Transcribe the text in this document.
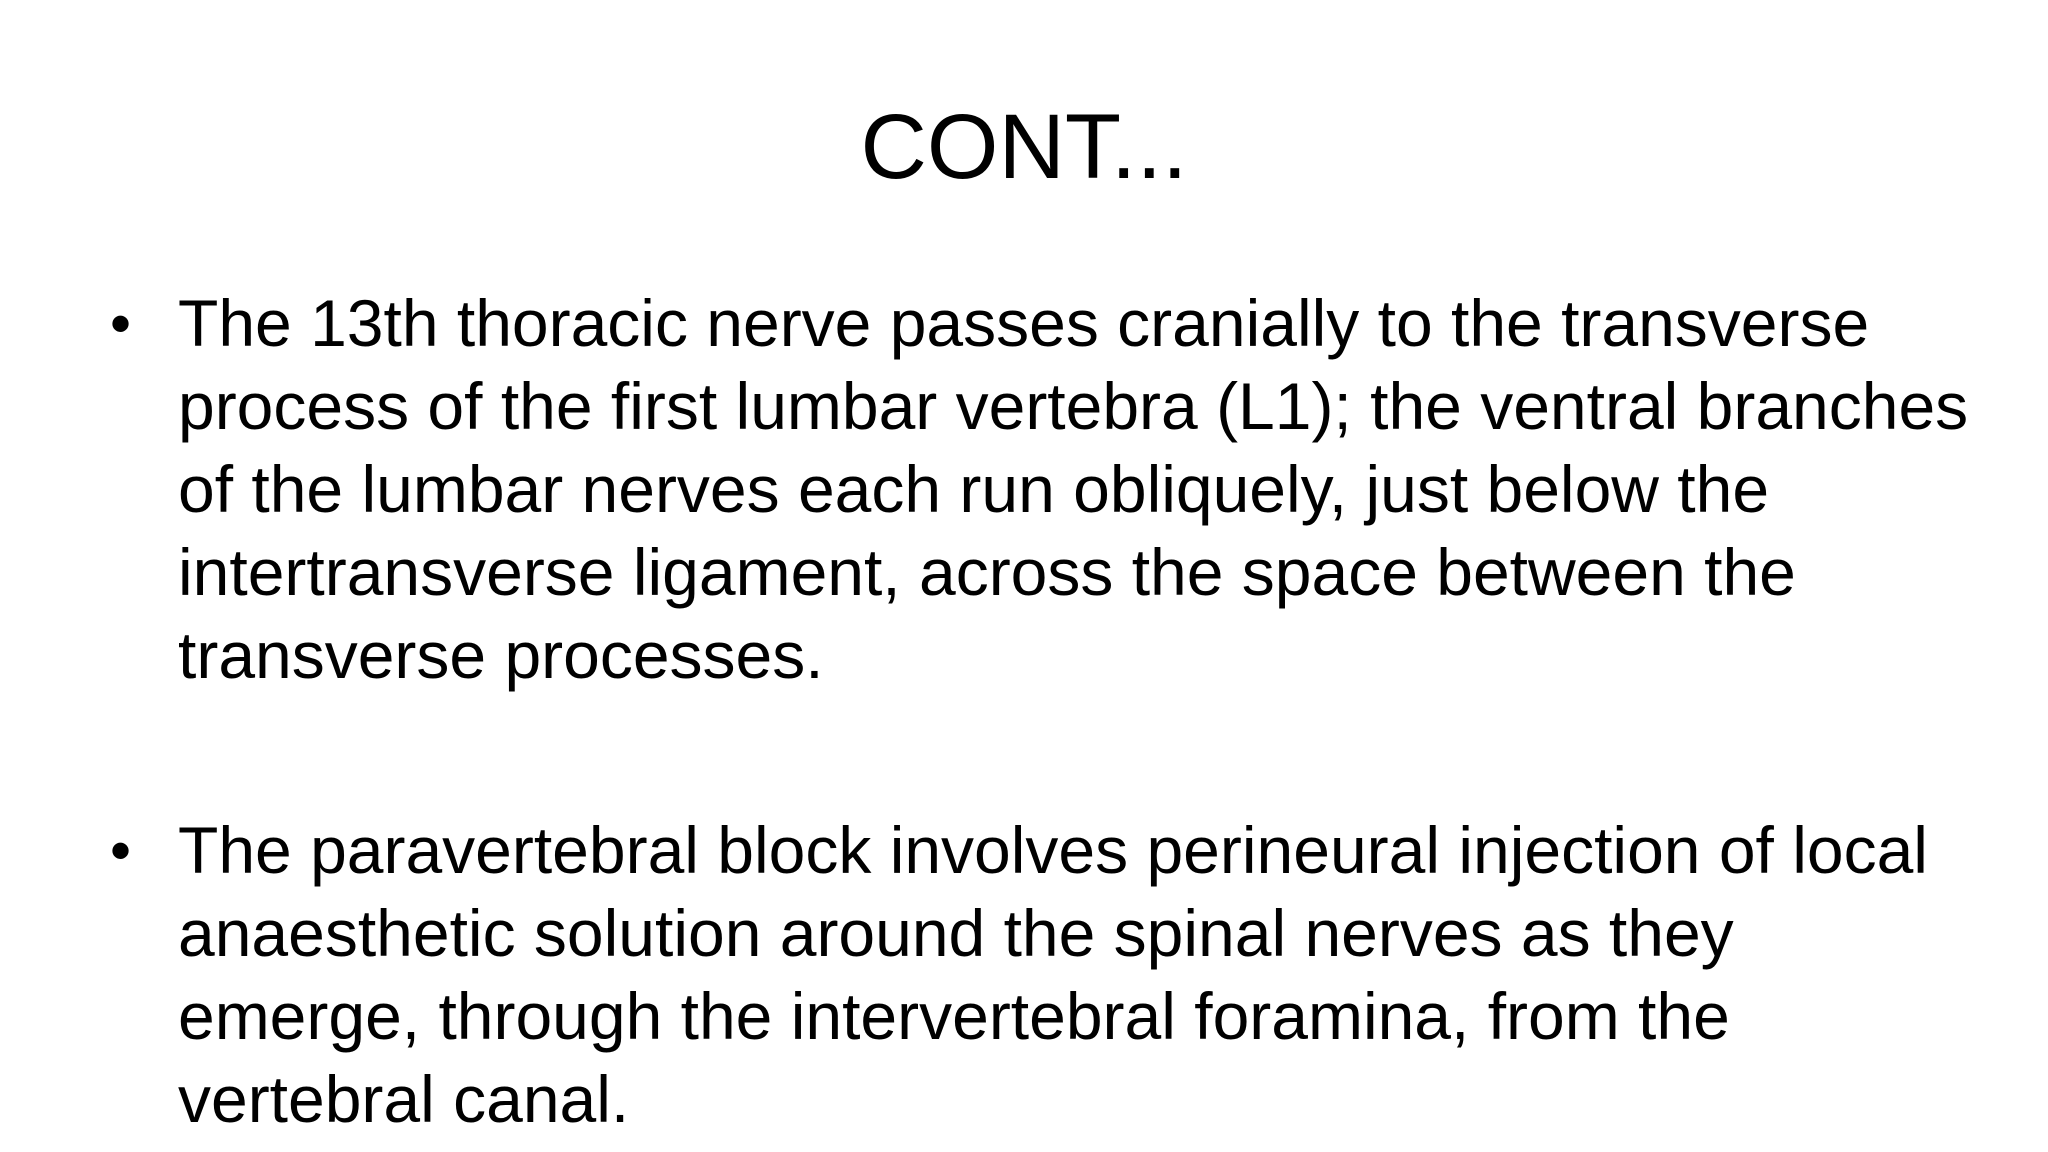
CONT...
• The 13th thoracic nerve passes cranially to the transverse process of the first lumbar vertebra (L1); the ventral branches of the lumbar nerves each run obliquely, just below the intertransverse ligament, across the space between the transverse processes.
• The paravertebral block involves perineural injection of local anaesthetic solution around the spinal nerves as they emerge, through the intervertebral foramina, from the vertebral canal.
